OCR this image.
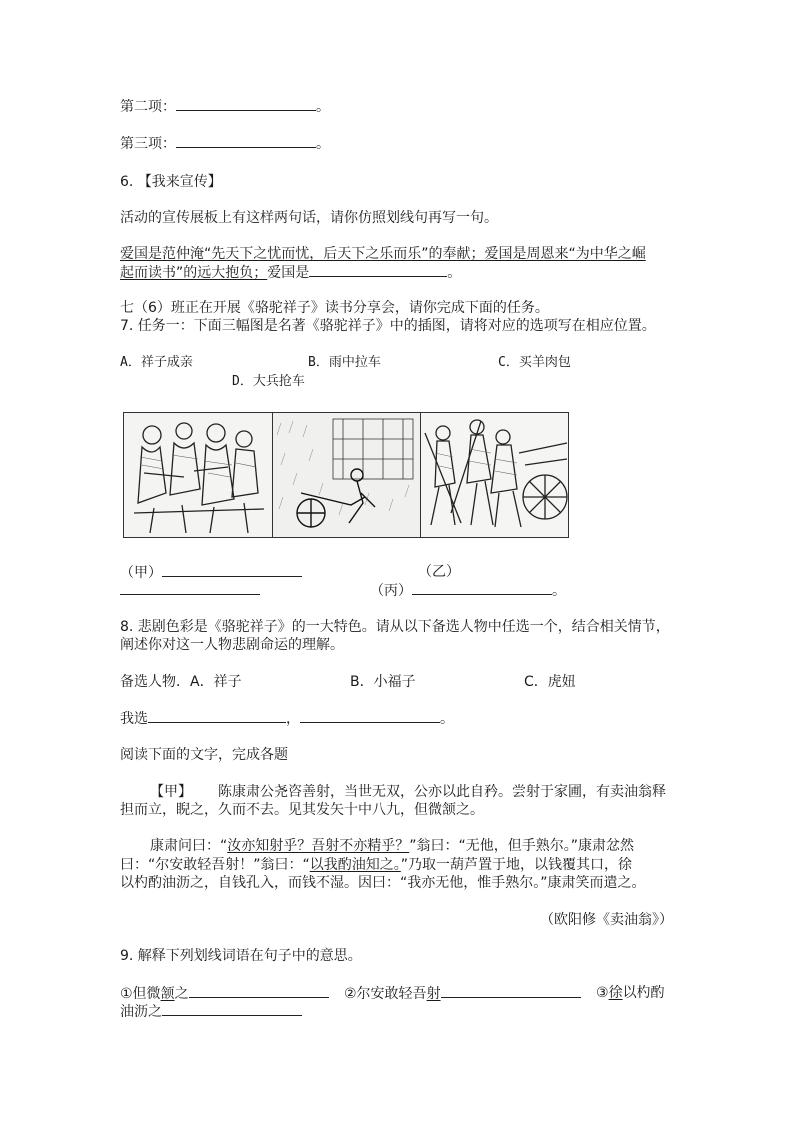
第二项：	。
第三项：	。
6. 【我来宣传】
活动的宣传展板上有这样两句话，请你仿照划线句再写一句。
爱国是范仲淹“先天下之忧而忧，后天下之乐而乐”的奉献；爱国是周恩来“为中华之崛
起而读书”的远大抱负；爱国是	。
七（6）班正在开展《骆驼祥子》读书分享会，请你完成下面的任务。
7. 任务一：下面三幅图是名著《骆驼祥子》中的插图，请将对应的选项写在相应位置。
A．祥子成亲	B．雨中拉车	C．买羊肉包
D．大兵抢车
（甲）	（乙）
（丙）	。
8. 悲剧色彩是《骆驼祥子》的一大特色。请从以下备选人物中任选一个，结合相关情节，
阐述你对这一人物悲剧命运的理解。
备选人物．A．祥子	B．小福子	C．虎妞
我选	，	。
阅读下面的文字，完成各题
【甲】 陈康肃公尧咨善射，当世无双，公亦以此自矜。尝射于家圃，有卖油翁释
担而立，睨之，久而不去。见其发矢十中八九，但微颔之。
康肃问曰：“汝亦知射乎？吾射不亦精乎？”翁曰：“无他，但手熟尔。”康肃忿然
曰：“尔安敢轻吾射！”翁曰：“以我酌油知之。”乃取一葫芦置于地，以钱覆其口，徐
以杓酌油沥之，自钱孔入，而钱不湿。因曰：“我亦无他，惟手熟尔。”康肃笑而遣之。
（欧阳修《卖油翁》）
9. 解释下列划线词语在句子中的意思。
①但微颔之	②尔安敢轻吾射	③徐以杓酌
油沥之
